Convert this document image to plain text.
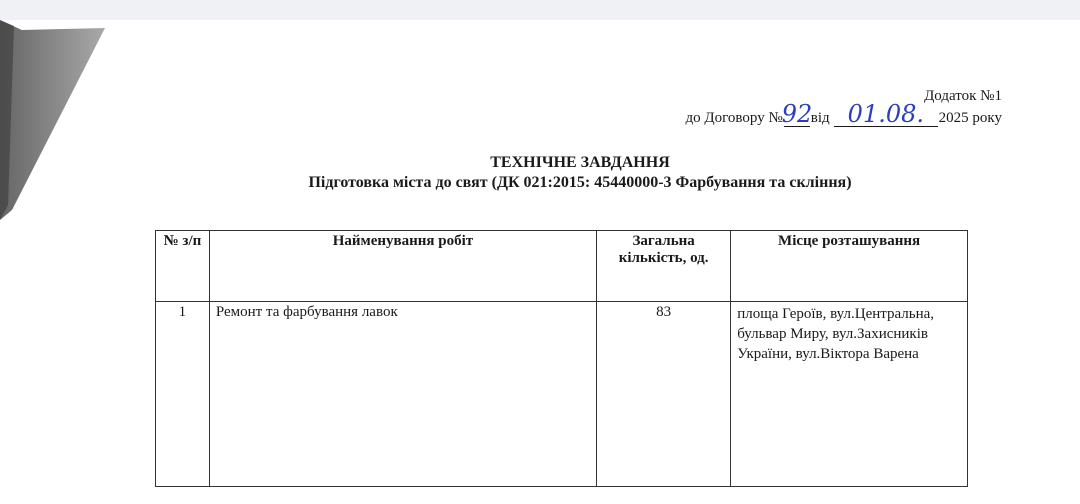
Додаток №1
до Договору № 92
від 01.08. 2025 року
ТЕХНІЧНЕ ЗАВДАННЯ
Підготовка міста до свят (ДК 021:2015: 45440000-3 Фарбування та скління)
№ з/п	Найменування робіт	Загальна кількість, од.	Місце розташування
1	Ремонт та фарбування лавок	83	площа Героїв, вул.Центральна, бульвар Миру, вул.Захисників України, вул.Віктора Варена
